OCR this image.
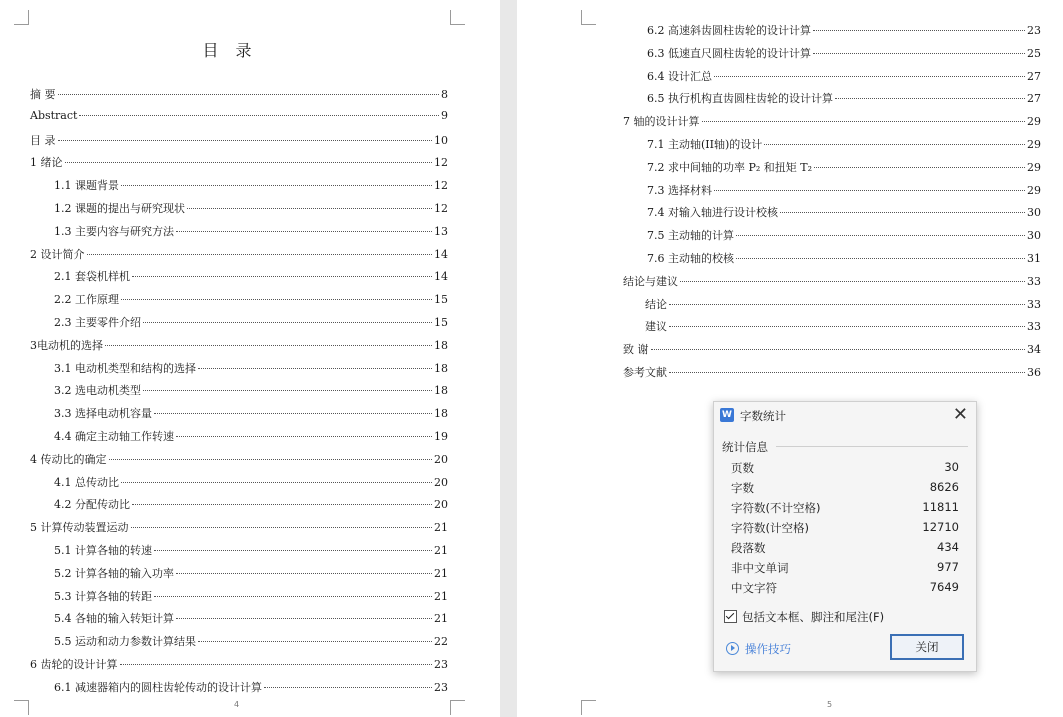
目 录
摘 要	8
Abstract	9
目 录	10
1 绪论	12
1.1 课题背景	12
1.2 课题的提出与研究现状	12
1.3 主要内容与研究方法	13
2 设计简介	14
2.1 套袋机样机	14
2.2 工作原理	15
2.3 主要零件介绍	15
3电动机的选择	18
3.1 电动机类型和结构的选择	18
3.2 选电动机类型	18
3.3 选择电动机容量	18
4.4 确定主动轴工作转速	19
4 传动比的确定	20
4.1 总传动比	20
4.2 分配传动比	20
5 计算传动装置运动	21
5.1 计算各轴的转速	21
5.2 计算各轴的输入功率	21
5.3 计算各轴的转距	21
5.4 各轴的输入转矩计算	21
5.5 运动和动力参数计算结果	22
6 齿轮的设计计算	23
6.1 减速器箱内的圆柱齿轮传动的设计计算	23
4
6.2 高速斜齿圆柱齿轮的设计计算	23
6.3 低速直尺圆柱齿轮的设计计算	25
6.4 设计汇总	27
6.5 执行机构直齿圆柱齿轮的设计计算	27
7 轴的设计计算	29
7.1 主动轴(II轴)的设计	29
7.2 求中间轴的功率 P₂ 和扭矩 T₂	29
7.3 选择材料	29
7.4 对输入轴进行设计校核	30
7.5 主动轴的计算	30
7.6 主动轴的校核	31
结论与建议	33
结论	33
建议	33
致 谢	34
参考文献	36
5
W 字数统计	✕
统计信息
页数	30
字数	8626
字符数(不计空格)	11811
字符数(计空格)	12710
段落数	434
非中文单词	977
中文字符	7649
包括文本框、脚注和尾注(F)
操作技巧	关闭
